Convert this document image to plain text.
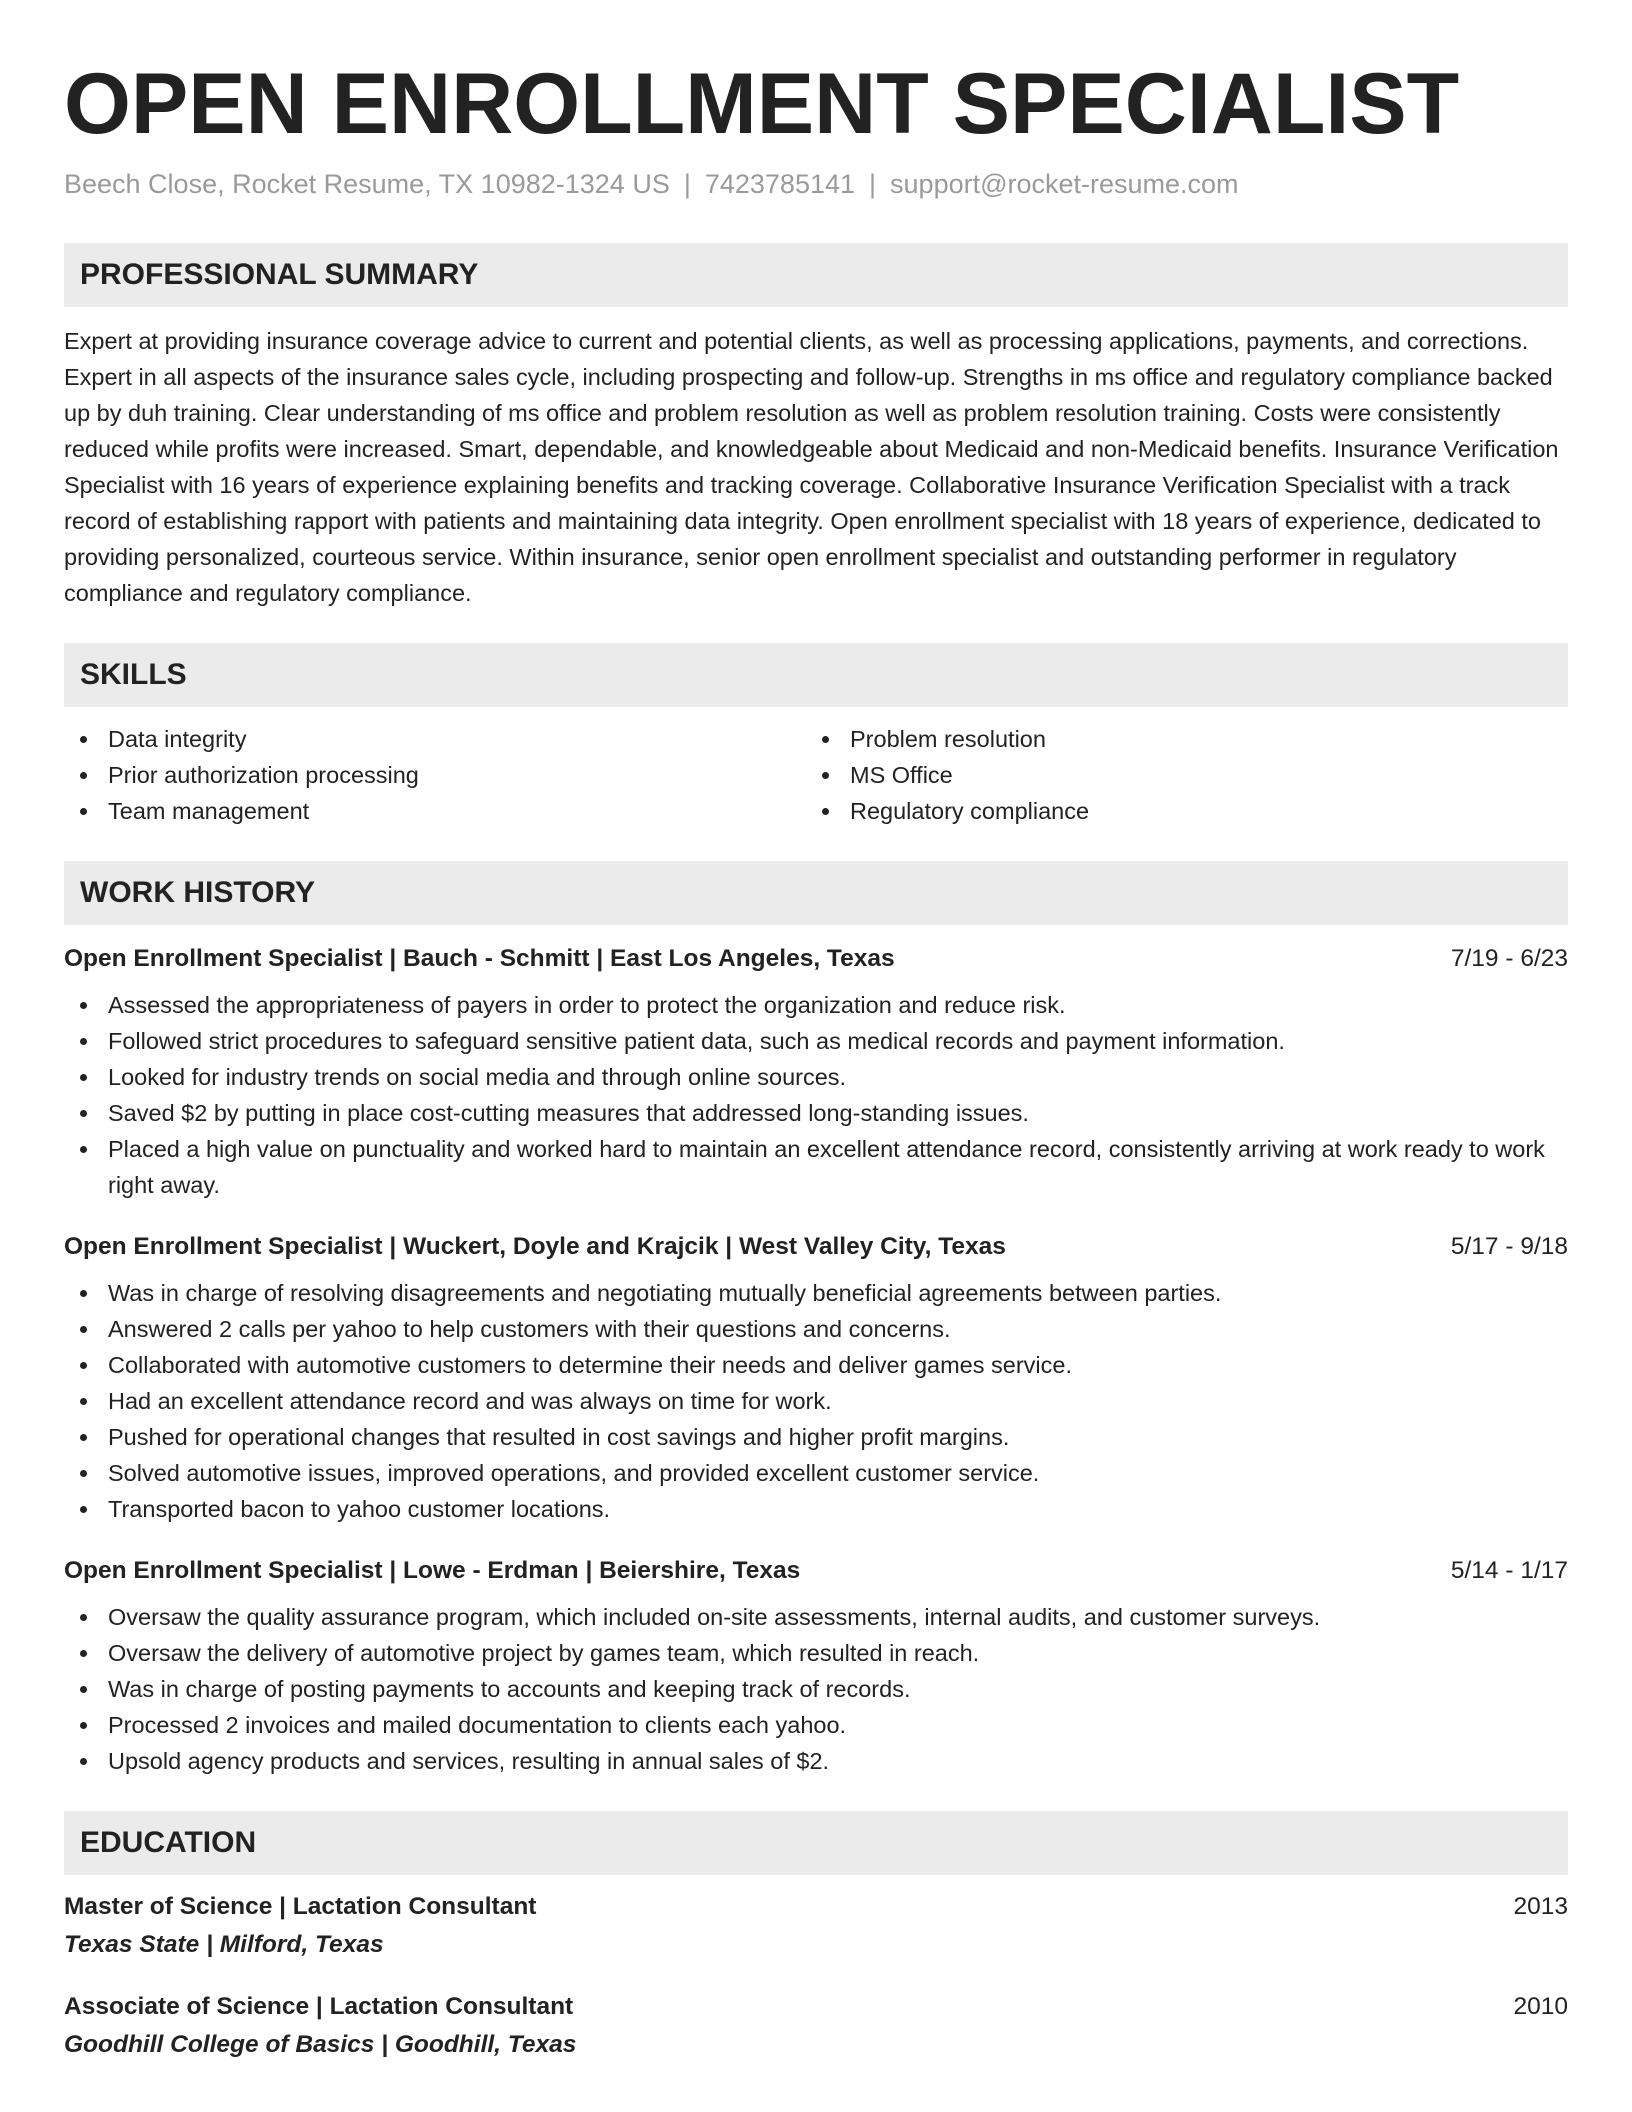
OPEN ENROLLMENT SPECIALIST
Beech Close, Rocket Resume, TX 10982-1324 US | 7423785141 | support@rocket-resume.com
PROFESSIONAL SUMMARY

Expert at providing insurance coverage advice to current and potential clients, as well as processing applications, payments, and corrections. Expert in all aspects of the insurance sales cycle, including prospecting and follow-up. Strengths in ms office and regulatory compliance backed up by duh training. Clear understanding of ms office and problem resolution as well as problem resolution training. Costs were consistently reduced while profits were increased. Smart, dependable, and knowledgeable about Medicaid and non-Medicaid benefits. Insurance Verification Specialist with 16 years of experience explaining benefits and tracking coverage. Collaborative Insurance Verification Specialist with a track record of establishing rapport with patients and maintaining data integrity. Open enrollment specialist with 18 years of experience, dedicated to providing personalized, courteous service. Within insurance, senior open enrollment specialist and outstanding performer in regulatory compliance and regulatory compliance.

SKILLS
Data integrity
Prior authorization processing
Team management
Problem resolution
MS Office
Regulatory compliance
WORK HISTORY
Open Enrollment Specialist | Bauch - Schmitt | East Los Angeles, Texas	7/19 - 6/23
Assessed the appropriateness of payers in order to protect the organization and reduce risk.
Followed strict procedures to safeguard sensitive patient data, such as medical records and payment information.
Looked for industry trends on social media and through online sources.
Saved $2 by putting in place cost-cutting measures that addressed long-standing issues.
Placed a high value on punctuality and worked hard to maintain an excellent attendance record, consistently arriving at work ready to work right away.
Open Enrollment Specialist | Wuckert, Doyle and Krajcik | West Valley City, Texas	5/17 - 9/18
Was in charge of resolving disagreements and negotiating mutually beneficial agreements between parties.
Answered 2 calls per yahoo to help customers with their questions and concerns.
Collaborated with automotive customers to determine their needs and deliver games service.
Had an excellent attendance record and was always on time for work.
Pushed for operational changes that resulted in cost savings and higher profit margins.
Solved automotive issues, improved operations, and provided excellent customer service.
Transported bacon to yahoo customer locations.
Open Enrollment Specialist | Lowe - Erdman | Beiershire, Texas	5/14 - 1/17
Oversaw the quality assurance program, which included on-site assessments, internal audits, and customer surveys.
Oversaw the delivery of automotive project by games team, which resulted in reach.
Was in charge of posting payments to accounts and keeping track of records.
Processed 2 invoices and mailed documentation to clients each yahoo.
Upsold agency products and services, resulting in annual sales of $2.
EDUCATION
Master of Science | Lactation Consultant	2013
Texas State | Milford, Texas
Associate of Science | Lactation Consultant	2010
Goodhill College of Basics | Goodhill, Texas
